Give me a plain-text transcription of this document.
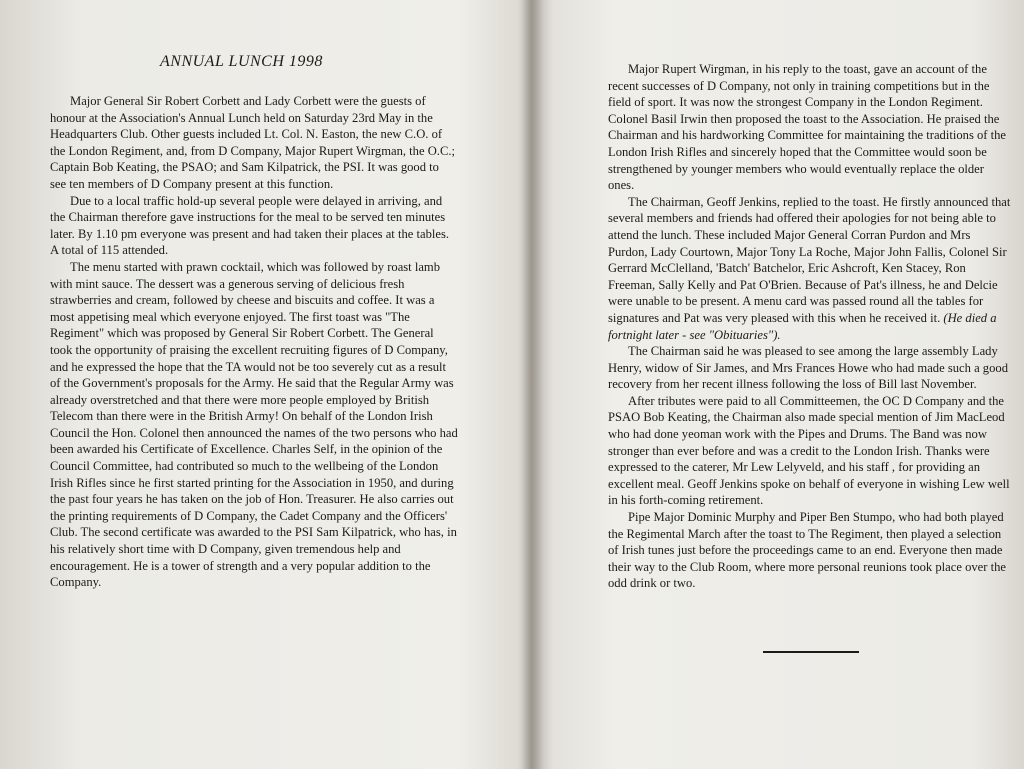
ANNUAL LUNCH 1998

Major General Sir Robert Corbett and Lady Corbett were the guests of honour at the Association's Annual Lunch held on Saturday 23rd May in the Headquarters Club. Other guests included Lt. Col. N. Easton, the new C.O. of the London Regiment, and, from D Company, Major Rupert Wirgman, the O.C.; Captain Bob Keating, the PSAO; and Sam Kilpatrick, the PSI. It was good to see ten members of D Company present at this function.

Due to a local traffic hold-up several people were delayed in arriving, and the Chairman therefore gave instructions for the meal to be served ten minutes later. By 1.10 pm everyone was present and had taken their places at the tables. A total of 115 attended.

The menu started with prawn cocktail, which was followed by roast lamb with mint sauce. The dessert was a generous serving of delicious fresh strawberries and cream, followed by cheese and biscuits and coffee. It was a most appetising meal which everyone enjoyed. The first toast was "The Regiment" which was proposed by General Sir Robert Corbett. The General took the opportunity of praising the excellent recruiting figures of D Company, and he expressed the hope that the TA would not be too severely cut as a result of the Government's proposals for the Army. He said that the Regular Army was already overstretched and that there were more people employed by British Telecom than there were in the British Army! On behalf of the London Irish Council the Hon. Colonel then announced the names of the two persons who had been awarded his Certificate of Excellence. Charles Self, in the opinion of the Council Committee, had contributed so much to the wellbeing of the London Irish Rifles since he first started printing for the Association in 1950, and during the past four years he has taken on the job of Hon. Treasurer. He also carries out the printing requirements of D Company, the Cadet Company and the Officers' Club. The second certificate was awarded to the PSI Sam Kilpatrick, who has, in his relatively short time with D Company, given tremendous help and encouragement. He is a tower of strength and a very popular addition to the Company.

Major Rupert Wirgman, in his reply to the toast, gave an account of the recent successes of D Company, not only in training competitions but in the field of sport. It was now the strongest Company in the London Regiment. Colonel Basil Irwin then proposed the toast to the Association. He praised the Chairman and his hardworking Committee for maintaining the traditions of the London Irish Rifles and sincerely hoped that the Committee would soon be strengthened by younger members who would eventually replace the older ones.

The Chairman, Geoff Jenkins, replied to the toast. He firstly announced that several members and friends had offered their apologies for not being able to attend the lunch. These included Major General Corran Purdon and Mrs Purdon, Lady Courtown, Major Tony La Roche, Major John Fallis, Colonel Sir Gerrard McClelland, 'Batch' Batchelor, Eric Ashcroft, Ken Stacey, Ron Freeman, Sally Kelly and Pat O'Brien. Because of Pat's illness, he and Delcie were unable to be present. A menu card was passed round all the tables for signatures and Pat was very pleased with this when he received it. (He died a fortnight later - see "Obituaries").

The Chairman said he was pleased to see among the large assembly Lady Henry, widow of Sir James, and Mrs Frances Howe who had made such a good recovery from her recent illness following the loss of Bill last November.

After tributes were paid to all Committeemen, the OC D Company and the PSAO Bob Keating, the Chairman also made special mention of Jim MacLeod who had done yeoman work with the Pipes and Drums. The Band was now stronger than ever before and was a credit to the London Irish. Thanks were expressed to the caterer, Mr Lew Lelyveld, and his staff , for providing an excellent meal. Geoff Jenkins spoke on behalf of everyone in wishing Lew well in his forth-coming retirement.

Pipe Major Dominic Murphy and Piper Ben Stumpo, who had both played the Regimental March after the toast to The Regiment, then played a selection of Irish tunes just before the proceedings came to an end. Everyone then made their way to the Club Room, where more personal reunions took place over the odd drink or two.
